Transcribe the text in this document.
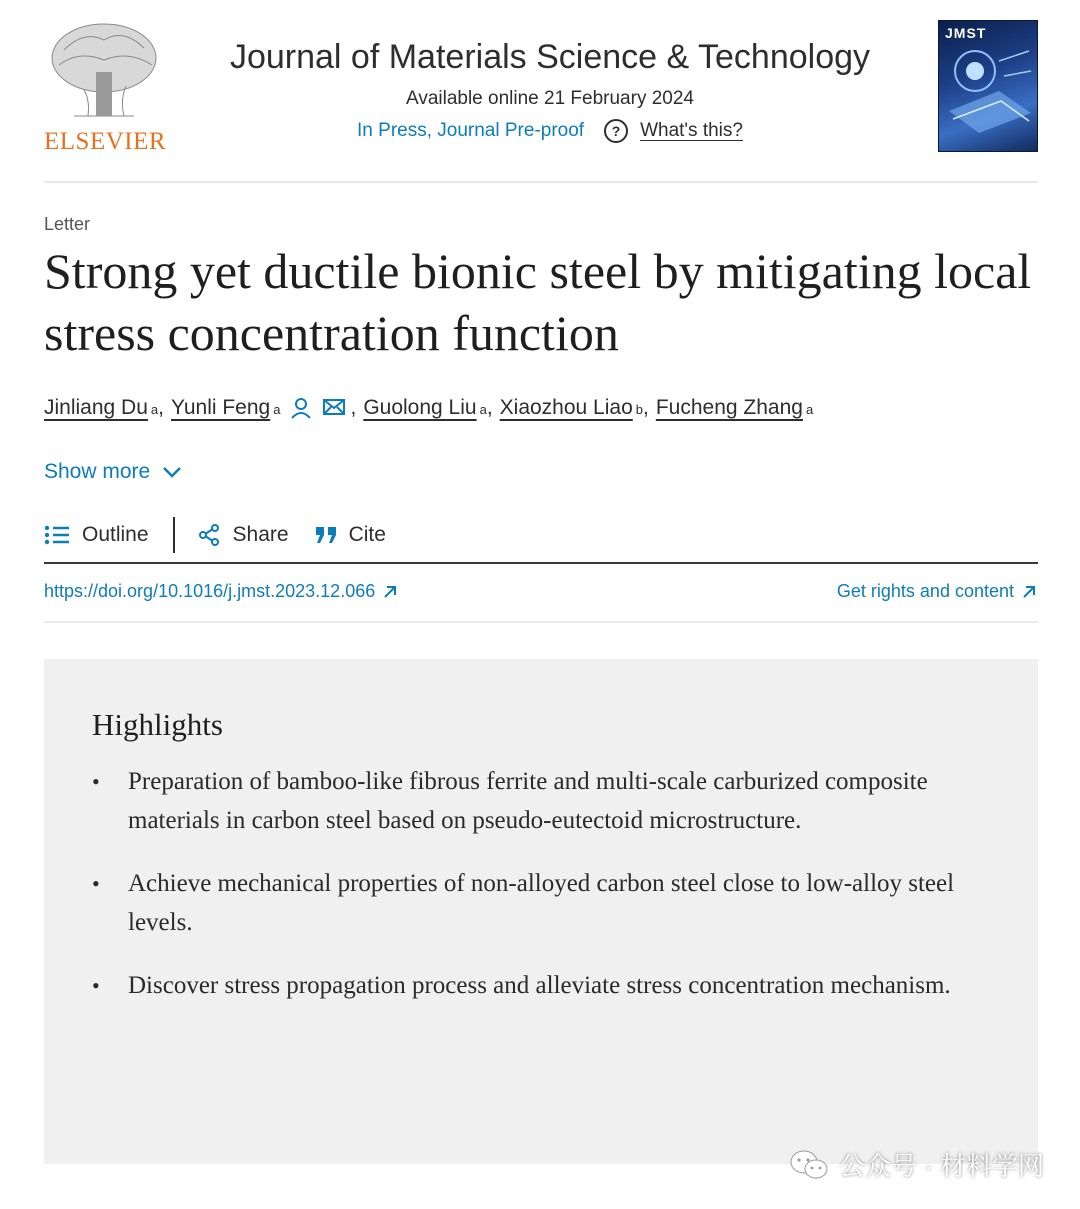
ELSEVIER
Journal of Materials Science & Technology
Available online 21 February 2024
In Press, Journal Pre-proof	?	What's this?
JMST
Letter
Strong yet ductile bionic steel by mitigating local stress concentration function
Jinliang Du a , Yunli Feng a	, Guolong Liu a , Xiaozhou Liao b , Fucheng Zhang a
Show more
Outline	Share	Cite
https://doi.org/10.1016/j.jmst.2023.12.066	Get rights and content
Highlights
• Preparation of bamboo-like fibrous ferrite and multi-scale carburized composite materials in carbon steel based on pseudo-eutectoid microstructure.
• Achieve mechanical properties of non-alloyed carbon steel close to low-alloy steel levels.
• Discover stress propagation process and alleviate stress concentration mechanism.
公众号 · 材料学网
